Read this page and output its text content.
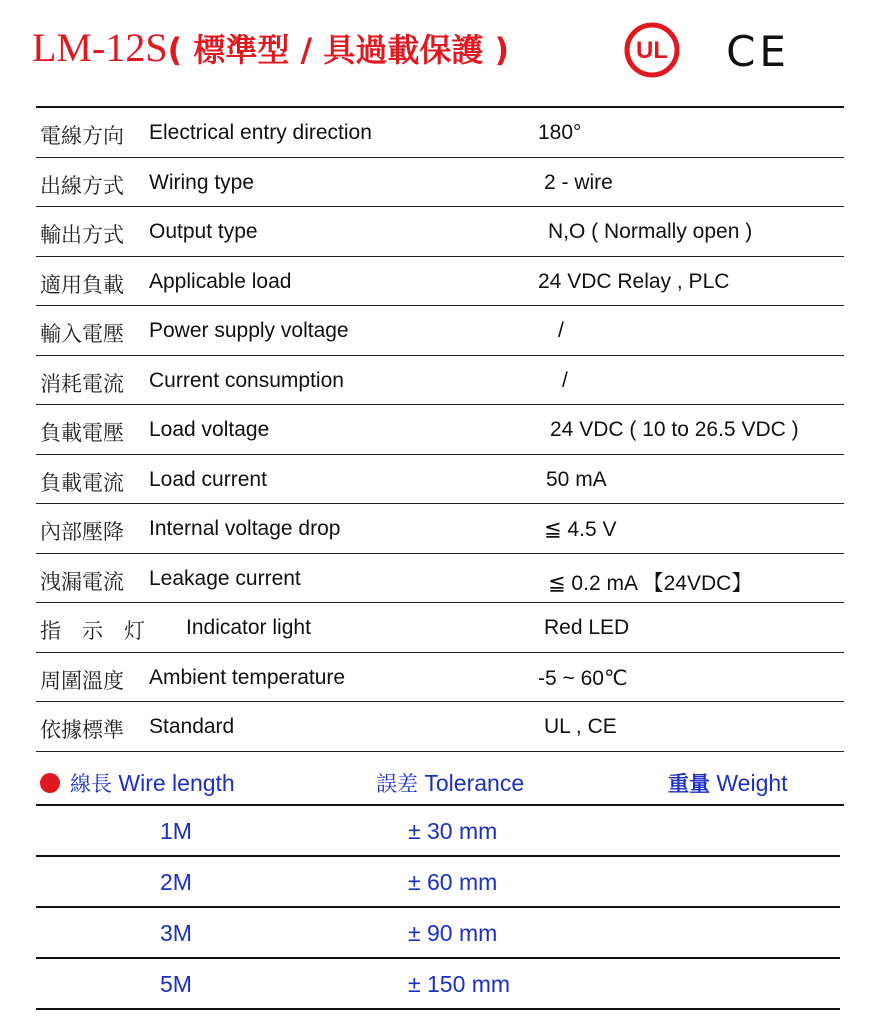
LM-12S( 標準型 / 具過載保護 )	UL CE
電線方向 Electrical entry direction	180°
出線方式 Wiring type	2 - wire
輸出方式 Output type	N,O ( Normally open )
適用負載 Applicable load	24 VDC Relay , PLC
輸入電壓 Power supply voltage	/
消耗電流 Current consumption	/
負載電壓 Load voltage	24 VDC ( 10 to 26.5 VDC )
負載電流 Load current	50 mA
內部壓降 Internal voltage drop	≦ 4.5 V
洩漏電流 Leakage current	≦ 0.2 mA 【24VDC】
指　示　灯 Indicator light	Red LED
周圍溫度 Ambient temperature	-5 ~ 60℃
依據標準 Standard	UL , CE
線長 Wire length	誤差 Tolerance	重量 Weight
1M	± 30 mm
2M	± 60 mm
3M	± 90 mm
5M	± 150 mm
